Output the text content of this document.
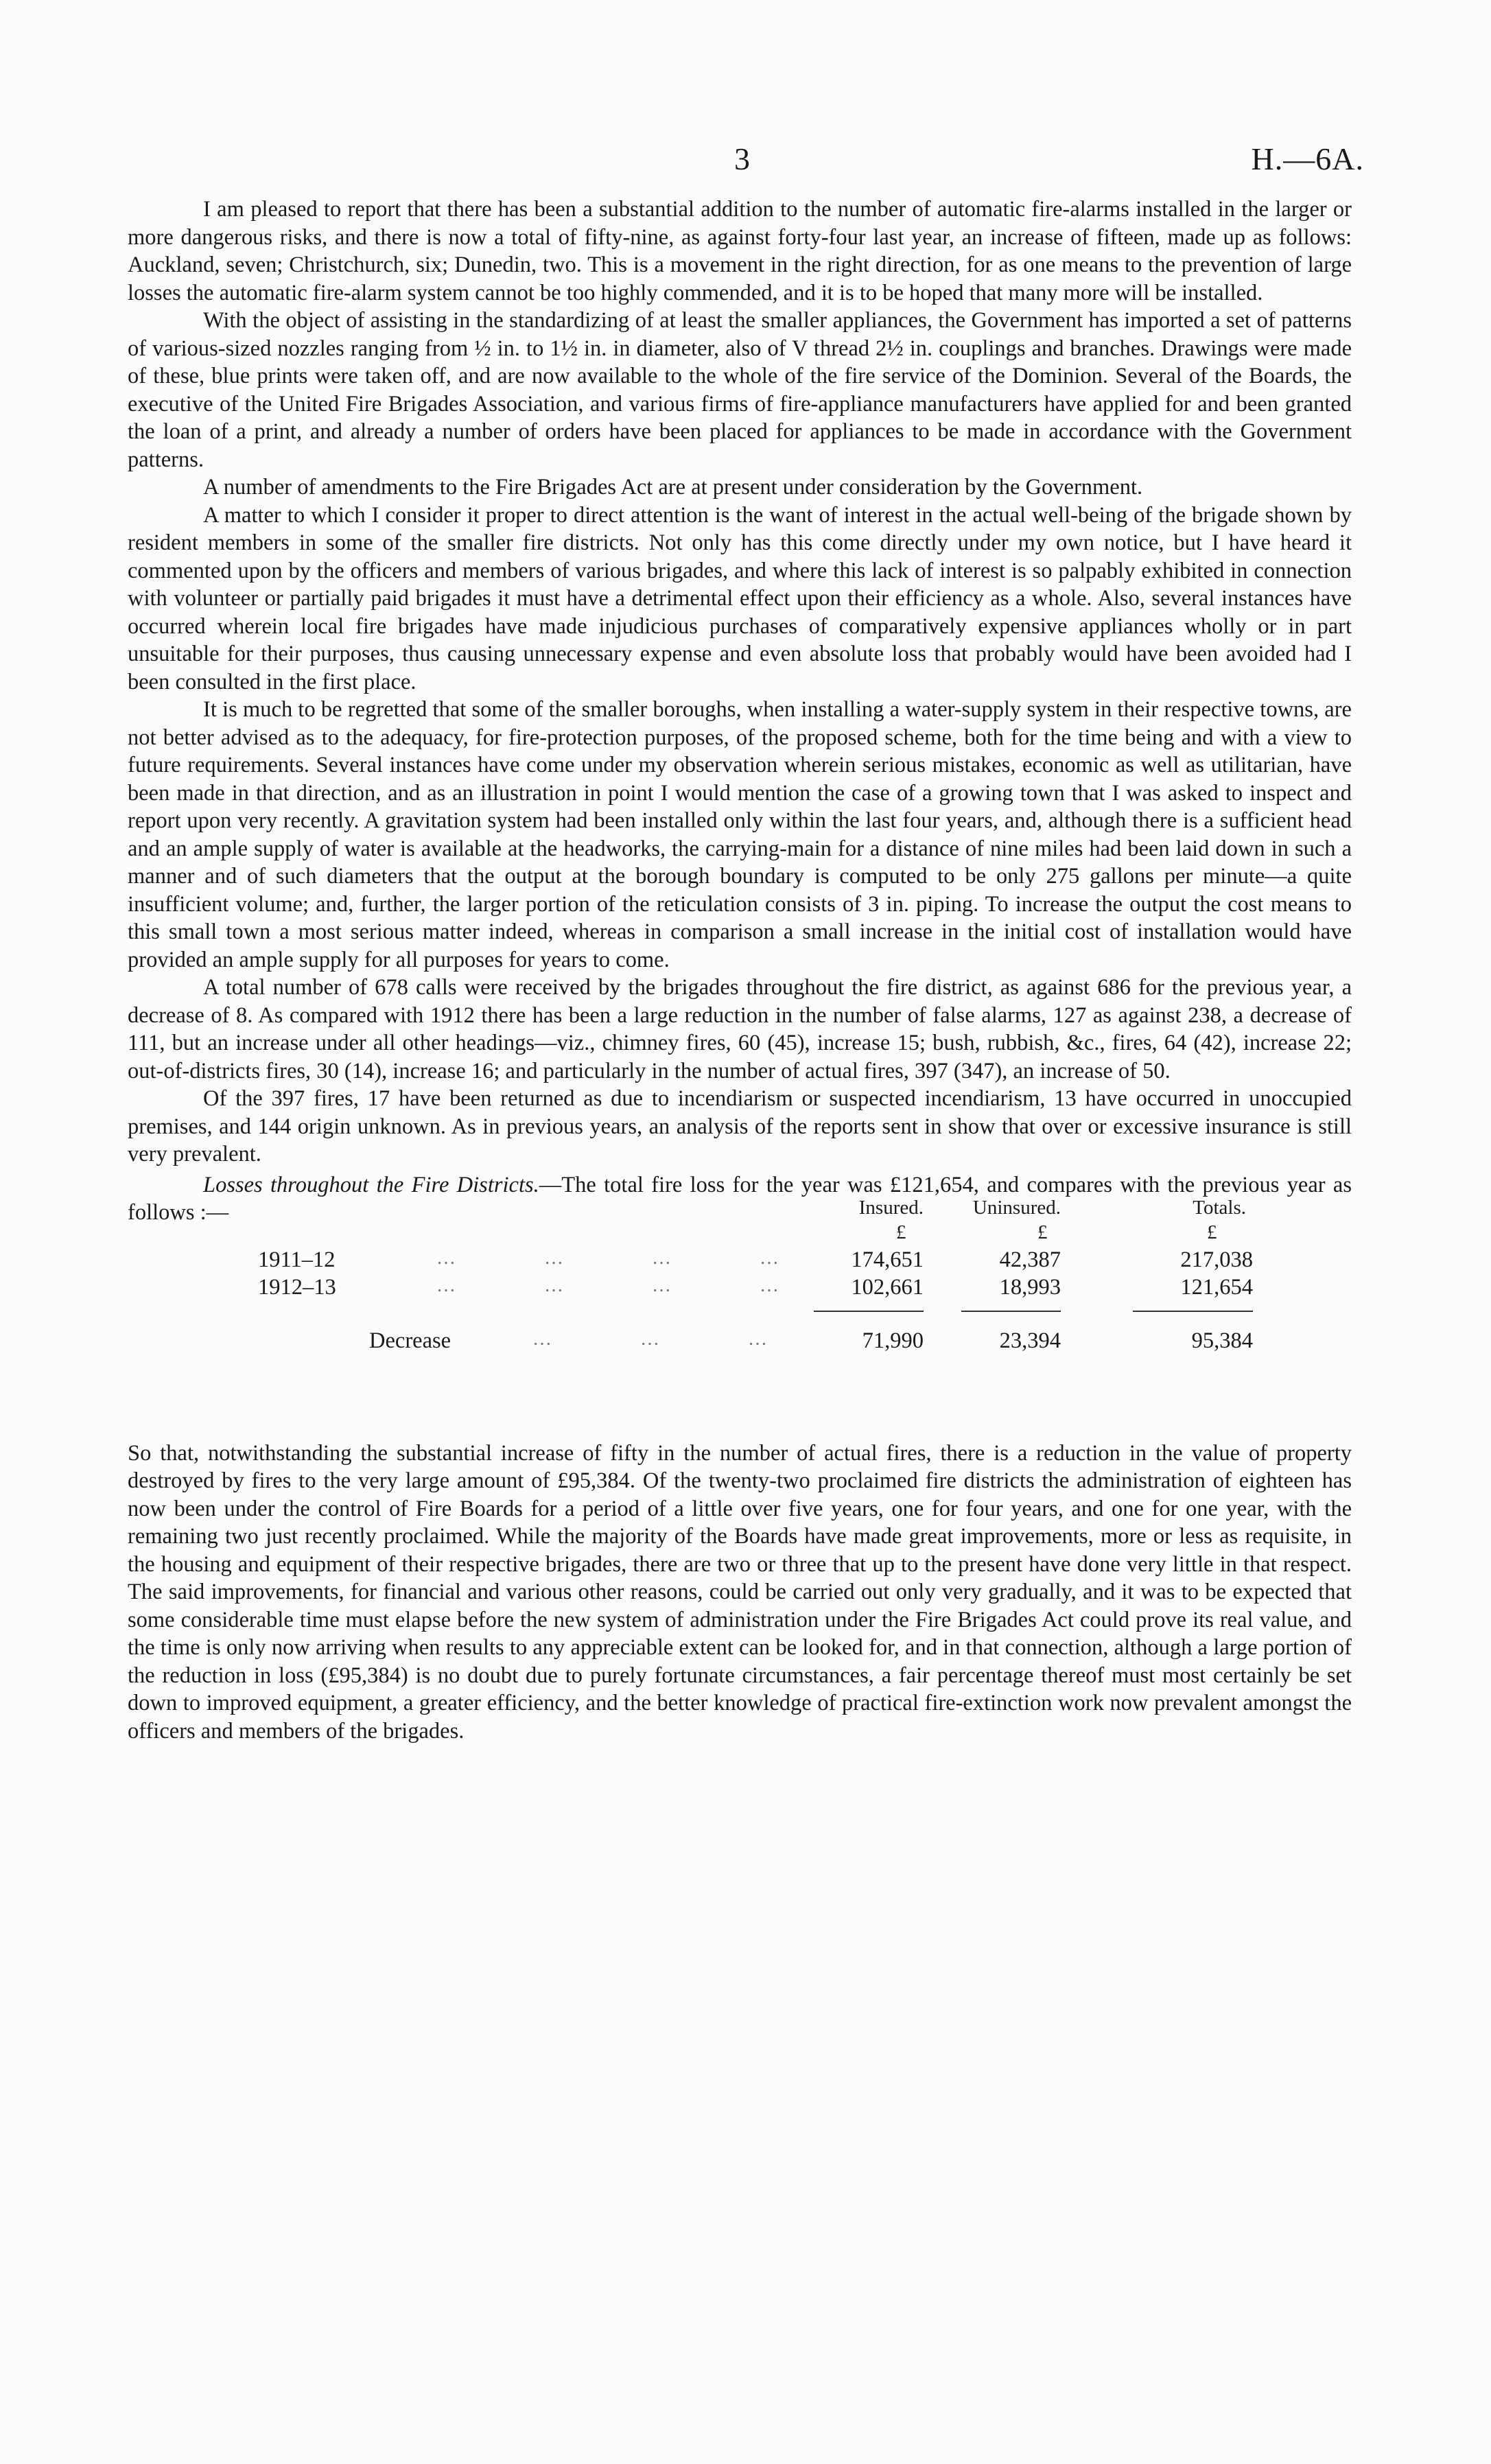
3	H.—6A.

I am pleased to report that there has been a substantial addition to the number of automatic fire-alarms installed in the larger or more dangerous risks, and there is now a total of fifty-nine, as against forty-four last year, an increase of fifteen, made up as follows: Auckland, seven; Christchurch, six; Dunedin, two. This is a movement in the right direction, for as one means to the prevention of large losses the automatic fire-alarm system cannot be too highly commended, and it is to be hoped that many more will be installed.

With the object of assisting in the standardizing of at least the smaller appliances, the Government has imported a set of patterns of various-sized nozzles ranging from ½ in. to 1½ in. in diameter, also of V thread 2½ in. couplings and branches. Drawings were made of these, blue prints were taken off, and are now available to the whole of the fire service of the Dominion. Several of the Boards, the executive of the United Fire Brigades Association, and various firms of fire-appliance manufacturers have applied for and been granted the loan of a print, and already a number of orders have been placed for appliances to be made in accordance with the Government patterns.

A number of amendments to the Fire Brigades Act are at present under consideration by the Government.

A matter to which I consider it proper to direct attention is the want of interest in the actual well-being of the brigade shown by resident members in some of the smaller fire districts. Not only has this come directly under my own notice, but I have heard it commented upon by the officers and members of various brigades, and where this lack of interest is so palpably exhibited in connection with volunteer or partially paid brigades it must have a detrimental effect upon their efficiency as a whole. Also, several instances have occurred wherein local fire brigades have made injudicious purchases of comparatively expensive appliances wholly or in part unsuitable for their purposes, thus causing unnecessary expense and even absolute loss that probably would have been avoided had I been consulted in the first place.

It is much to be regretted that some of the smaller boroughs, when installing a water-supply system in their respective towns, are not better advised as to the adequacy, for fire-protection purposes, of the proposed scheme, both for the time being and with a view to future requirements. Several instances have come under my observation wherein serious mistakes, economic as well as utilitarian, have been made in that direction, and as an illustration in point I would mention the case of a growing town that I was asked to inspect and report upon very recently. A gravitation system had been installed only within the last four years, and, although there is a sufficient head and an ample supply of water is available at the headworks, the carrying-main for a distance of nine miles had been laid down in such a manner and of such diameters that the output at the borough boundary is computed to be only 275 gallons per minute—a quite insufficient volume; and, further, the larger portion of the reticulation consists of 3 in. piping. To increase the output the cost means to this small town a most serious matter indeed, whereas in comparison a small increase in the initial cost of installation would have provided an ample supply for all purposes for years to come.

A total number of 678 calls were received by the brigades throughout the fire district, as against 686 for the previous year, a decrease of 8. As compared with 1912 there has been a large reduction in the number of false alarms, 127 as against 238, a decrease of 111, but an increase under all other headings—viz., chimney fires, 60 (45), increase 15; bush, rubbish, &c., fires, 64 (42), increase 22; out-of-districts fires, 30 (14), increase 16; and particularly in the number of actual fires, 397 (347), an increase of 50.

Of the 397 fires, 17 have been returned as due to incendiarism or suspected incendiarism, 13 have occurred in unoccupied premises, and 144 origin unknown. As in previous years, an analysis of the reports sent in show that over or excessive insurance is still very prevalent.

Losses throughout the Fire Districts.—The total fire loss for the year was £121,654, and compares with the previous year as follows :—	Insured.	Uninsured.	Totals.
£	£	£
1911–12	…       …       …       …	174,651	42,387	217,038
1912–13	…       …       …       …	102,661	18,993	121,654
Decrease	…       …       …	71,990	23,394	95,384

So that, notwithstanding the substantial increase of fifty in the number of actual fires, there is a reduction in the value of property destroyed by fires to the very large amount of £95,384. Of the twenty-two proclaimed fire districts the administration of eighteen has now been under the control of Fire Boards for a period of a little over five years, one for four years, and one for one year, with the remaining two just recently proclaimed. While the majority of the Boards have made great improvements, more or less as requisite, in the housing and equipment of their respective brigades, there are two or three that up to the present have done very little in that respect. The said improvements, for financial and various other reasons, could be carried out only very gradually, and it was to be expected that some considerable time must elapse before the new system of administration under the Fire Brigades Act could prove its real value, and the time is only now arriving when results to any appreciable extent can be looked for, and in that connection, although a large portion of the reduction in loss (£95,384) is no doubt due to purely fortunate circumstances, a fair percentage thereof must most certainly be set down to improved equipment, a greater efficiency, and the better knowledge of practical fire-extinction work now prevalent amongst the officers and members of the brigades.
